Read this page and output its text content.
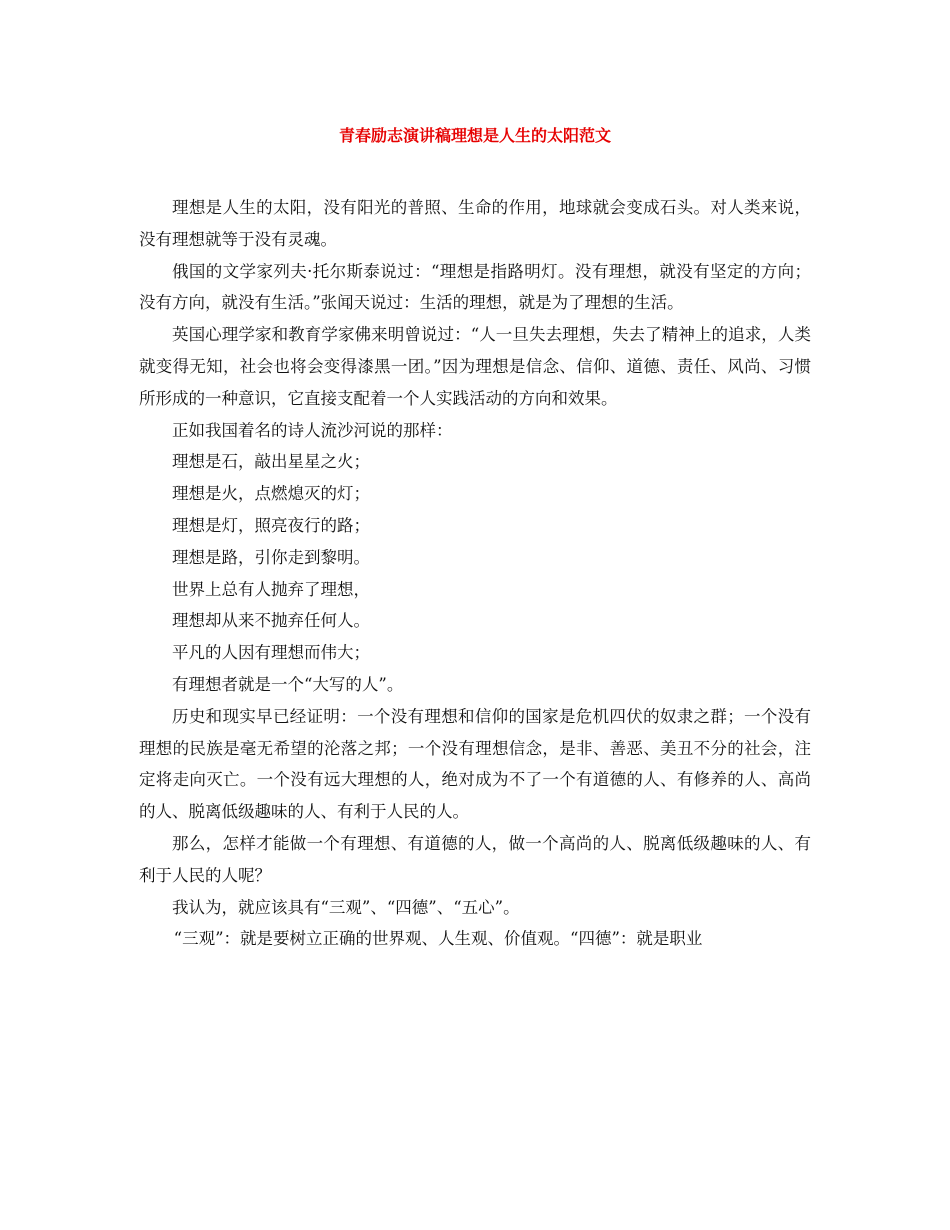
青春励志演讲稿理想是人生的太阳范文

理想是人生的太阳，没有阳光的普照、生命的作用，地球就会变成石头。对人类来说，没有理想就等于没有灵魂。

俄国的文学家列夫·托尔斯泰说过：“理想是指路明灯。没有理想，就没有坚定的方向；没有方向，就没有生活。”张闻天说过：生活的理想，就是为了理想的生活。

英国心理学家和教育学家佛来明曾说过：“人一旦失去理想，失去了精神上的追求，人类就变得无知，社会也将会变得漆黑一团。”因为理想是信念、信仰、道德、责任、风尚、习惯所形成的一种意识，它直接支配着一个人实践活动的方向和效果。

正如我国着名的诗人流沙河说的那样：

理想是石，敲出星星之火；

理想是火，点燃熄灭的灯；

理想是灯，照亮夜行的路；

理想是路，引你走到黎明。

世界上总有人抛弃了理想，

理想却从来不抛弃任何人。

平凡的人因有理想而伟大；

有理想者就是一个“大写的人”。

历史和现实早已经证明：一个没有理想和信仰的国家是危机四伏的奴隶之群；一个没有理想的民族是毫无希望的沦落之邦；一个没有理想信念，是非、善恶、美丑不分的社会，注定将走向灭亡。一个没有远大理想的人，绝对成为不了一个有道德的人、有修养的人、高尚的人、脱离低级趣味的人、有利于人民的人。

那么，怎样才能做一个有理想、有道德的人，做一个高尚的人、脱离低级趣味的人、有利于人民的人呢？

我认为，就应该具有“三观”、“四德”、“五心”。

“三观”：就是要树立正确的世界观、人生观、价值观。“四德”：就是职业
